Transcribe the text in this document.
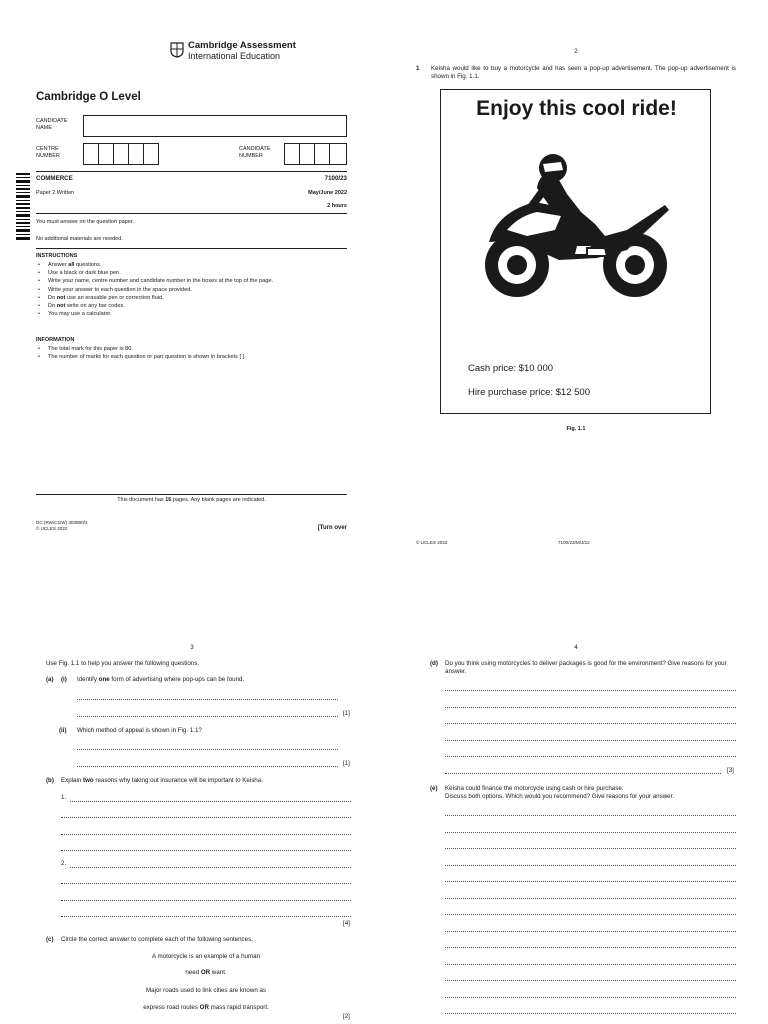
Cambridge Assessment
International Education
Cambridge O Level
CANDIDATE NAME
CENTRE NUMBER
CANDIDATE NUMBER
COMMERCE	7100/23
Paper 2 Written	May/June 2022
2 hours
You must answer on the question paper.
No additional materials are needed.
INSTRUCTIONS
• Answer all questions.
• Use a black or dark blue pen.
• Write your name, centre number and candidate number in the boxes at the top of the page.
• Write your answer to each question in the space provided.
• Do not use an erasable pen or correction fluid.
• Do not write on any bar codes.
• You may use a calculator.
INFORMATION
• The total mark for this paper is 80.
• The number of marks for each question or part question is shown in brackets [ ].
This document has 16 pages. Any blank pages are indicated.
DC (RW/CGW) 303880/3
© UCLES 2022	[Turn over
2
1 Keisha would like to buy a motorcycle and has seen a pop-up advertisement. The pop-up advertisement is shown in Fig. 1.1.
Enjoy this cool ride!
Cash price: $10 000
Hire purchase price: $12 500
Fig. 1.1
© UCLES 2022	7100/23/M/J/22
3
Use Fig. 1.1 to help you answer the following questions.
(a) (i) Identify one form of advertising where pop-ups can be found.
[1]
(ii) Which method of appeal is shown in Fig. 1.1?
[1]
(b) Explain two reasons why taking out insurance will be important to Keisha.
1.
2.
[4]
(c) Circle the correct answer to complete each of the following sentences.
A motorcycle is an example of a human
need OR want.
Major roads used to link cities are known as
express road routes OR mass rapid transport.
[2]
4
(d) Do you think using motorcycles to deliver packages is good for the environment? Give reasons for your answer.
[3]
(e) Keisha could finance the motorcycle using cash or hire purchase.
Discuss both options. Which would you recommend? Give reasons for your answer.
